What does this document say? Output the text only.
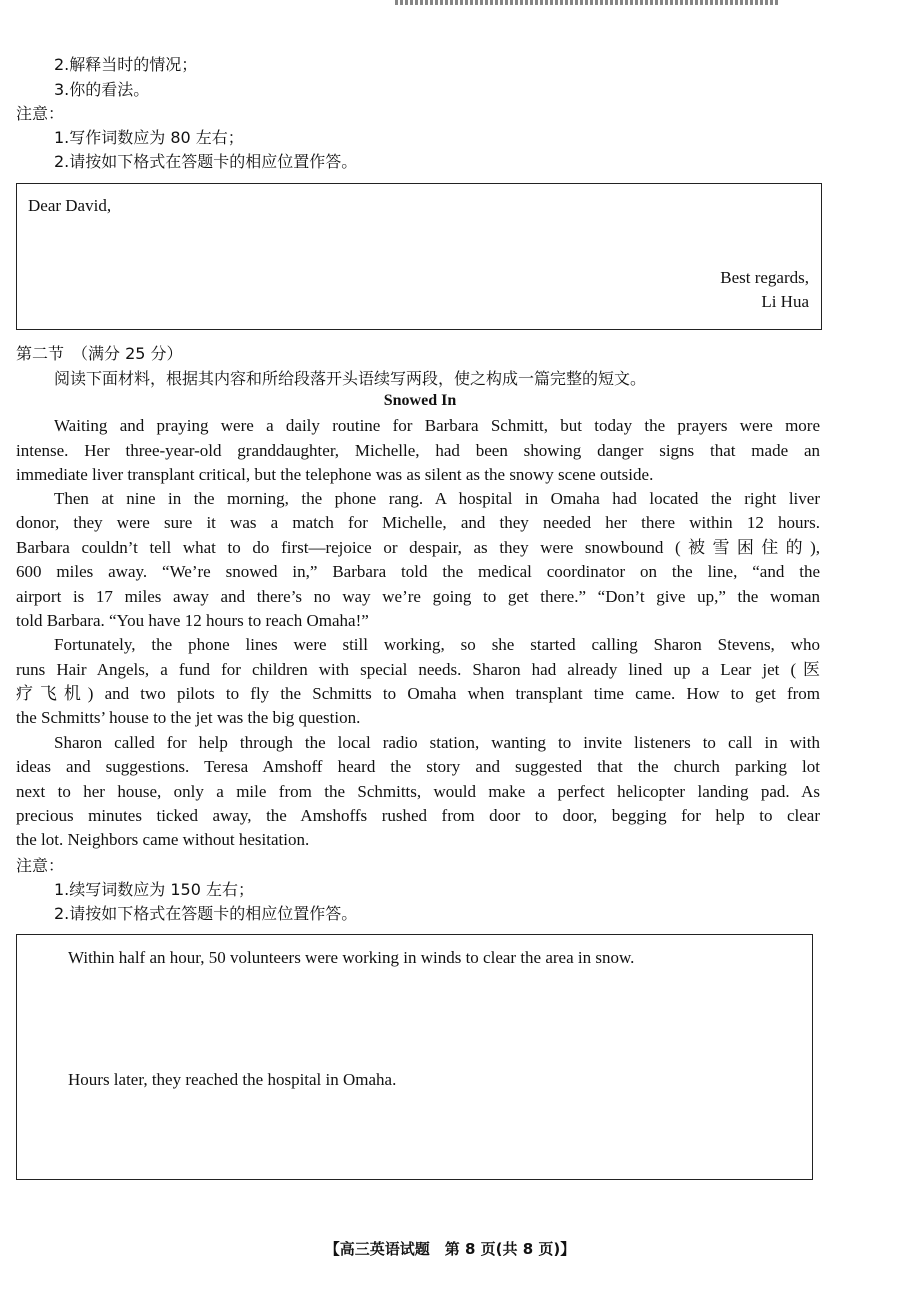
2.解释当时的情况；
3.你的看法。
注意：
1.写作词数应为 80 左右；
2.请按如下格式在答题卡的相应位置作答。
Dear David,
Best regards,
Li Hua
第二节　（满分 25 分）
阅读下面材料，根据其内容和所给段落开头语续写两段，使之构成一篇完整的短文。
Snowed In
Waiting and praying were a daily routine for Barbara Schmitt, but today the prayers were more
intense. Her three-year-old granddaughter, Michelle, had been showing danger signs that made an
immediate liver transplant critical, but the telephone was as silent as the snowy scene outside.
Then at nine in the morning, the phone rang. A hospital in Omaha had located the right liver
donor, they were sure it was a match for Michelle, and they needed her there within 12 hours.
Barbara couldn’t tell what to do first—rejoice or despair, as they were snowbound (被雪困住的),
600 miles away. “We’re snowed in,” Barbara told the medical coordinator on the line, “and the
airport is 17 miles away and there’s no way we’re going to get there.” “Don’t give up,” the woman
told Barbara. “You have 12 hours to reach Omaha!”
Fortunately, the phone lines were still working, so she started calling Sharon Stevens, who
runs Hair Angels, a fund for children with special needs. Sharon had already lined up a Lear jet (医
疗飞机) and two pilots to fly the Schmitts to Omaha when transplant time came. How to get from
the Schmitts’ house to the jet was the big question.
Sharon called for help through the local radio station, wanting to invite listeners to call in with
ideas and suggestions. Teresa Amshoff heard the story and suggested that the church parking lot
next to her house, only a mile from the Schmitts, would make a perfect helicopter landing pad. As
precious minutes ticked away, the Amshoffs rushed from door to door, begging for help to clear
the lot. Neighbors came without hesitation.
注意：
1.续写词数应为 150 左右；
2.请按如下格式在答题卡的相应位置作答。
Within half an hour, 50 volunteers were working in winds to clear the area in snow.
Hours later, they reached the hospital in Omaha.
【高三英语试题　第 8 页(共 8 页)】
